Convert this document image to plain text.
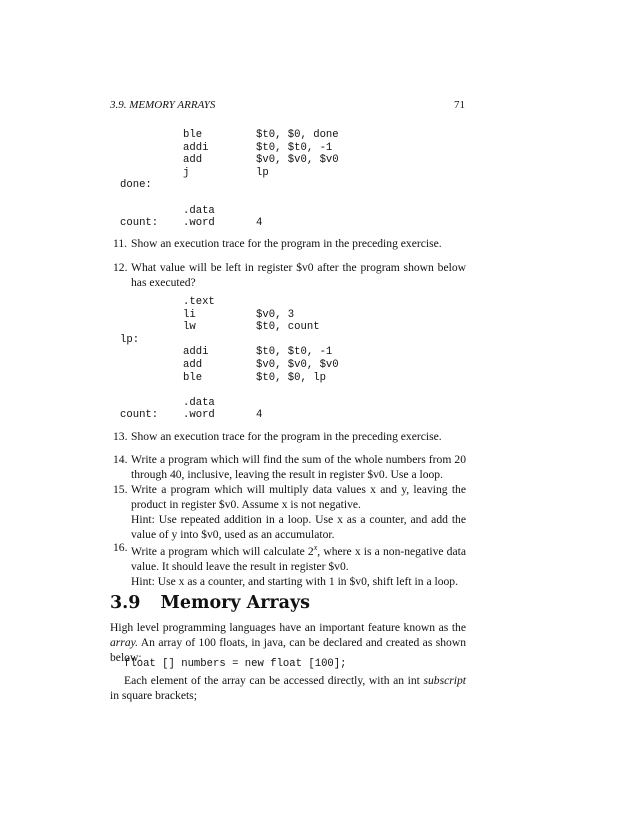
3.9. MEMORY ARRAYS	71
ble	$t0, $0, done
addi	$t0, $t0, -1
add	$v0, $v0, $v0
j	lp
done:
.data
count: .word	4
11. Show an execution trace for the program in the preceding exercise.
12. What value will be left in register $v0 after the program shown below has executed?
.text
li	$v0, 3
lw	$t0, count
lp:
addi	$t0, $t0, -1
add	$v0, $v0, $v0
ble	$t0, $0, lp
.data
count: .word	4
13. Show an execution trace for the program in the preceding exercise.
14. Write a program which will find the sum of the whole numbers from 20 through 40, inclusive, leaving the result in register $v0. Use a loop.
15. Write a program which will multiply data values x and y, leaving the product in register $v0. Assume x is not negative.
Hint: Use repeated addition in a loop. Use x as a counter, and add the value of y into $v0, used as an accumulator.
16. Write a program which will calculate 2$^x$, where x is a non-negative data value. It should leave the result in register $v0.
Hint: Use x as a counter, and starting with 1 in $v0, shift left in a loop.
3.9 Memory Arrays
High level programming languages have an important feature known as the array. An array of 100 floats, in java, can be declared and created as shown below:
float [] numbers = new float [100];
Each element of the array can be accessed directly, with an int subscript in square brackets;
